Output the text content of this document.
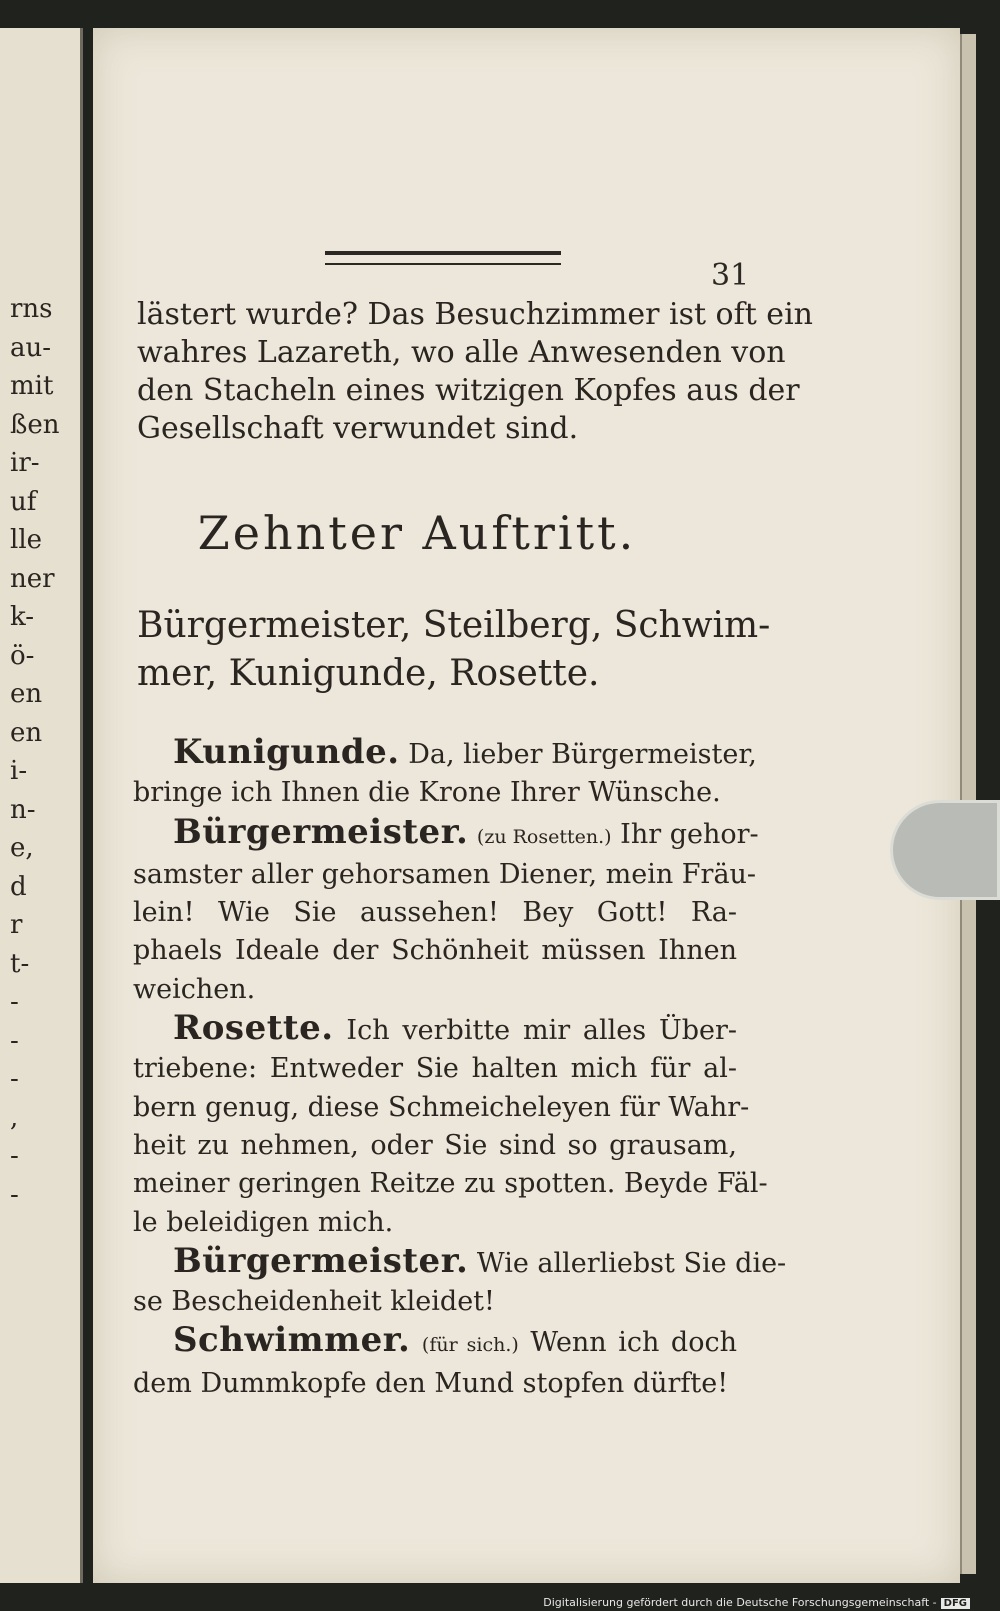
rns
au-
mit
ßen
ir-
uf
lle
ner
k-
ö-
en
en
i-
n-
e,
d
r
t-
-
-
-
,
-
-
31
lästert wurde? Das Besuchzimmer ist oft ein
wahres Lazareth, wo alle Anwesenden von
den Stacheln eines witzigen Kopfes aus der
Gesellschaft verwundet sind.
Zehnter Auftritt.
Bürgermeister, Steilberg, Schwim-
mer, Kunigunde, Rosette.
Kunigunde. Da, lieber Bürgermeister,
bringe ich Ihnen die Krone Ihrer Wünsche.
Bürgermeister. (zu Rosetten.) Ihr gehor-
samster aller gehorsamen Diener, mein Fräu-
lein! Wie Sie aussehen! Bey Gott! Ra-
phaels Ideale der Schönheit müssen Ihnen
weichen.
Rosette. Ich verbitte mir alles Über-
triebene: Entweder Sie halten mich für al-
bern genug, diese Schmeicheleyen für Wahr-
heit zu nehmen, oder Sie sind so grausam,
meiner geringen Reitze zu spotten. Beyde Fäl-
le beleidigen mich.
Bürgermeister. Wie allerliebst Sie die-
se Bescheidenheit kleidet!
Schwimmer. (für sich.) Wenn ich doch
dem Dummkopfe den Mund stopfen dürfte!
Digitalisierung gefördert durch die Deutsche Forschungsgemeinschaft - DFG
